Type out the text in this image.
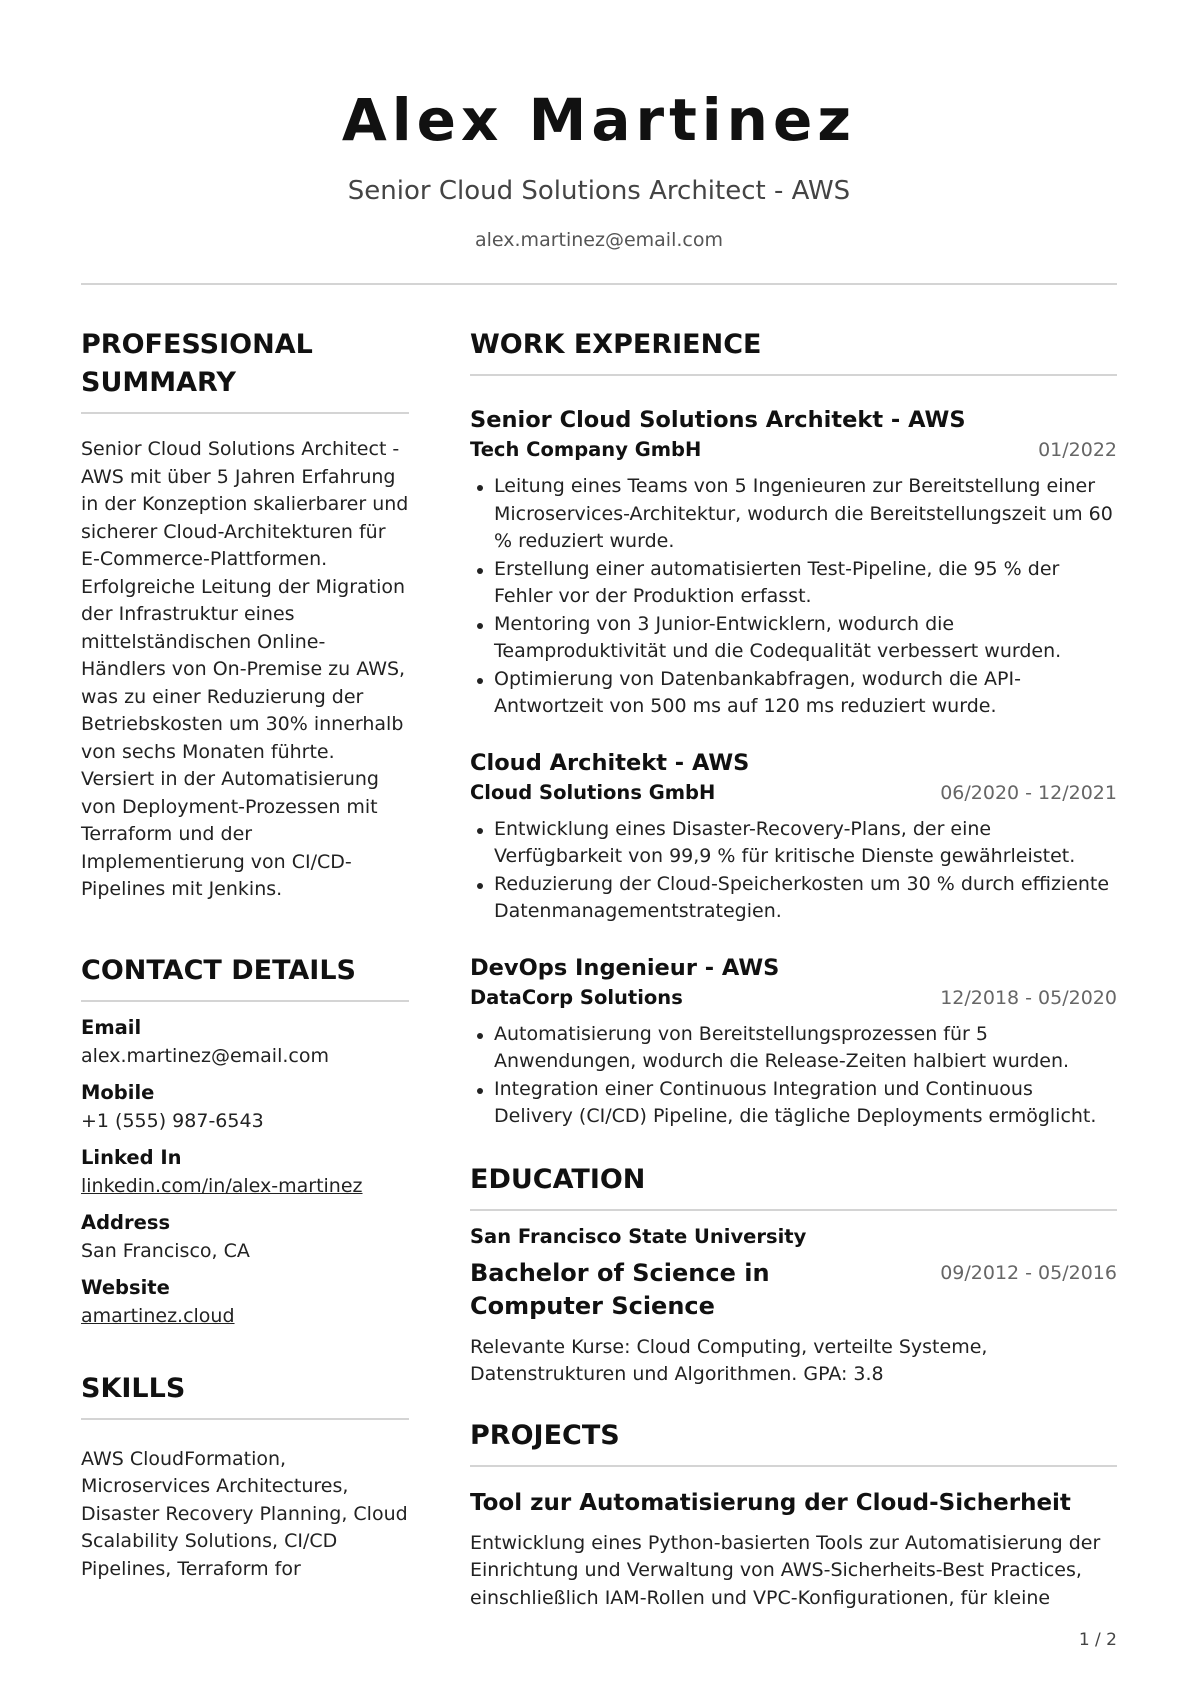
Alex Martinez
Senior Cloud Solutions Architect - AWS
alex.martinez@email.com
PROFESSIONAL SUMMARY
Senior Cloud Solutions Architect - AWS mit über 5 Jahren Erfahrung in der Konzeption skalierbarer und sicherer Cloud-Architekturen für E-Commerce-Plattformen. Erfolgreiche Leitung der Migration der Infrastruktur eines mittelständischen Online-Händlers von On-Premise zu AWS, was zu einer Reduzierung der Betriebskosten um 30% innerhalb von sechs Monaten führte. Versiert in der Automatisierung von Deployment-Prozessen mit Terraform und der Implementierung von CI/CD-Pipelines mit Jenkins.
CONTACT DETAILS
Email
alex.martinez@email.com
Mobile
+1 (555) 987-6543
Linked In
linkedin.com/in/alex-martinez
Address
San Francisco, CA
Website
amartinez.cloud
SKILLS
AWS CloudFormation, Microservices Architectures, Disaster Recovery Planning, Cloud Scalability Solutions, CI/CD Pipelines, Terraform for
WORK EXPERIENCE
Senior Cloud Solutions Architekt - AWS
Tech Company GmbH	01/2022
Leitung eines Teams von 5 Ingenieuren zur Bereitstellung einer Microservices-Architektur, wodurch die Bereitstellungszeit um 60 % reduziert wurde.
Erstellung einer automatisierten Test-Pipeline, die 95 % der Fehler vor der Produktion erfasst.
Mentoring von 3 Junior-Entwicklern, wodurch die Teamproduktivität und die Codequalität verbessert wurden.
Optimierung von Datenbankabfragen, wodurch die API-Antwortzeit von 500 ms auf 120 ms reduziert wurde.
Cloud Architekt - AWS
Cloud Solutions GmbH	06/2020 - 12/2021
Entwicklung eines Disaster-Recovery-Plans, der eine Verfügbarkeit von 99,9 % für kritische Dienste gewährleistet.
Reduzierung der Cloud-Speicherkosten um 30 % durch effiziente Datenmanagementstrategien.
DevOps Ingenieur - AWS
DataCorp Solutions	12/2018 - 05/2020
Automatisierung von Bereitstellungsprozessen für 5 Anwendungen, wodurch die Release-Zeiten halbiert wurden.
Integration einer Continuous Integration und Continuous Delivery (CI/CD) Pipeline, die tägliche Deployments ermöglicht.
EDUCATION
San Francisco State University
Bachelor of Science in Computer Science
09/2012 - 05/2016
Relevante Kurse: Cloud Computing, verteilte Systeme, Datenstrukturen und Algorithmen. GPA: 3.8
PROJECTS
Tool zur Automatisierung der Cloud-Sicherheit
Entwicklung eines Python-basierten Tools zur Automatisierung der Einrichtung und Verwaltung von AWS-Sicherheits-Best Practices, einschließlich IAM-Rollen und VPC-Konfigurationen, für kleine
1 / 2
